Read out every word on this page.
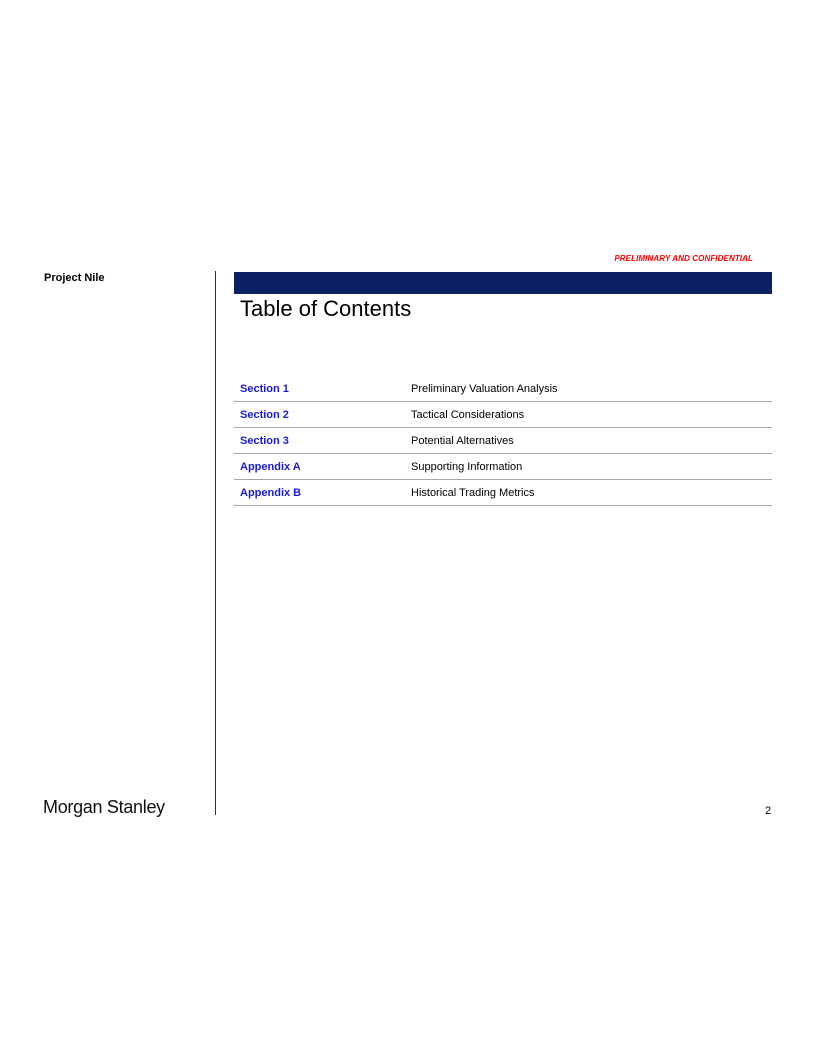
PRELIMINARY AND CONFIDENTIAL
Project Nile
Table of Contents
Section 1	Preliminary Valuation Analysis
Section 2	Tactical Considerations
Section 3	Potential Alternatives
Appendix A	Supporting Information
Appendix B	Historical Trading Metrics
Morgan Stanley	2
